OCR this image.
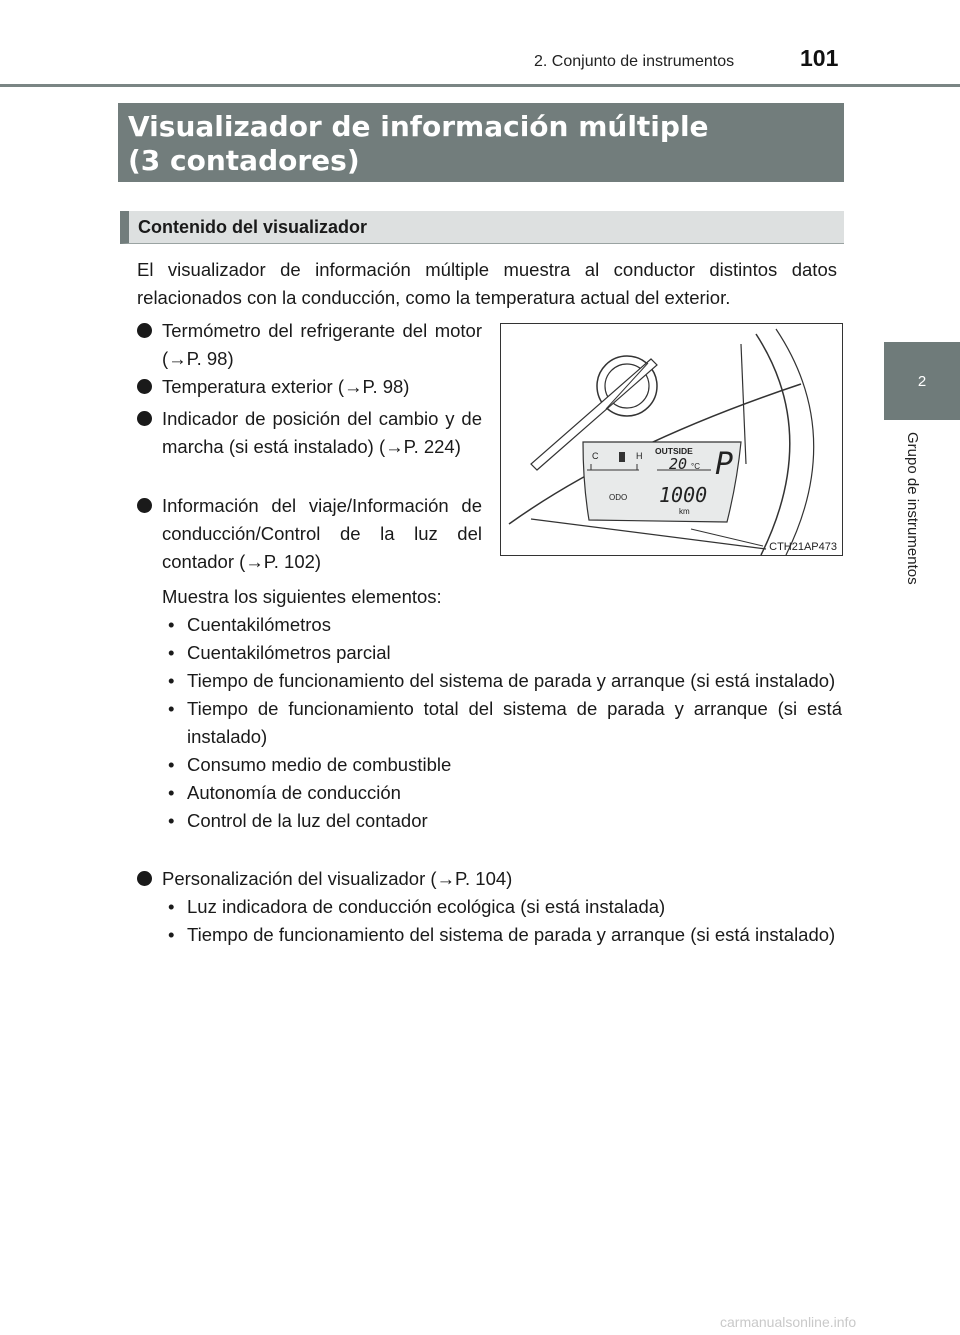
2. Conjunto de instrumentos	101
2
Grupo de instrumentos
Visualizador de información múltiple
(3 contadores)
Contenido del visualizador

El visualizador de información múltiple muestra al conductor distintos datos relacionados con la conducción, como la temperatura actual del exterior.

Termómetro del refrigerante del motor (→P. 98)

Temperatura exterior (→P. 98)

Indicador de posición del cambio y de marcha (si está instalado) (→P. 224)

Información del viaje/Información de conducción/Control de la luz del contador (→P. 102)

Muestra los siguientes elementos:

• Cuentakilómetros
• Cuentakilómetros parcial
• Tiempo de funcionamiento del sistema de parada y arranque (si está instalado)
• Tiempo de funcionamiento total del sistema de parada y arranque (si está instalado)
• Consumo medio de combustible
• Autonomía de conducción
• Control de la luz del contador

Personalización del visualizador (→P. 104)

• Luz indicadora de conducción ecológica (si está instalada)
• Tiempo de funcionamiento del sistema de parada y arranque (si está instalado)
C	H OUTSIDE
20 °C P
ODO 1000
km
CTH21AP473
carmanualsonline.info
